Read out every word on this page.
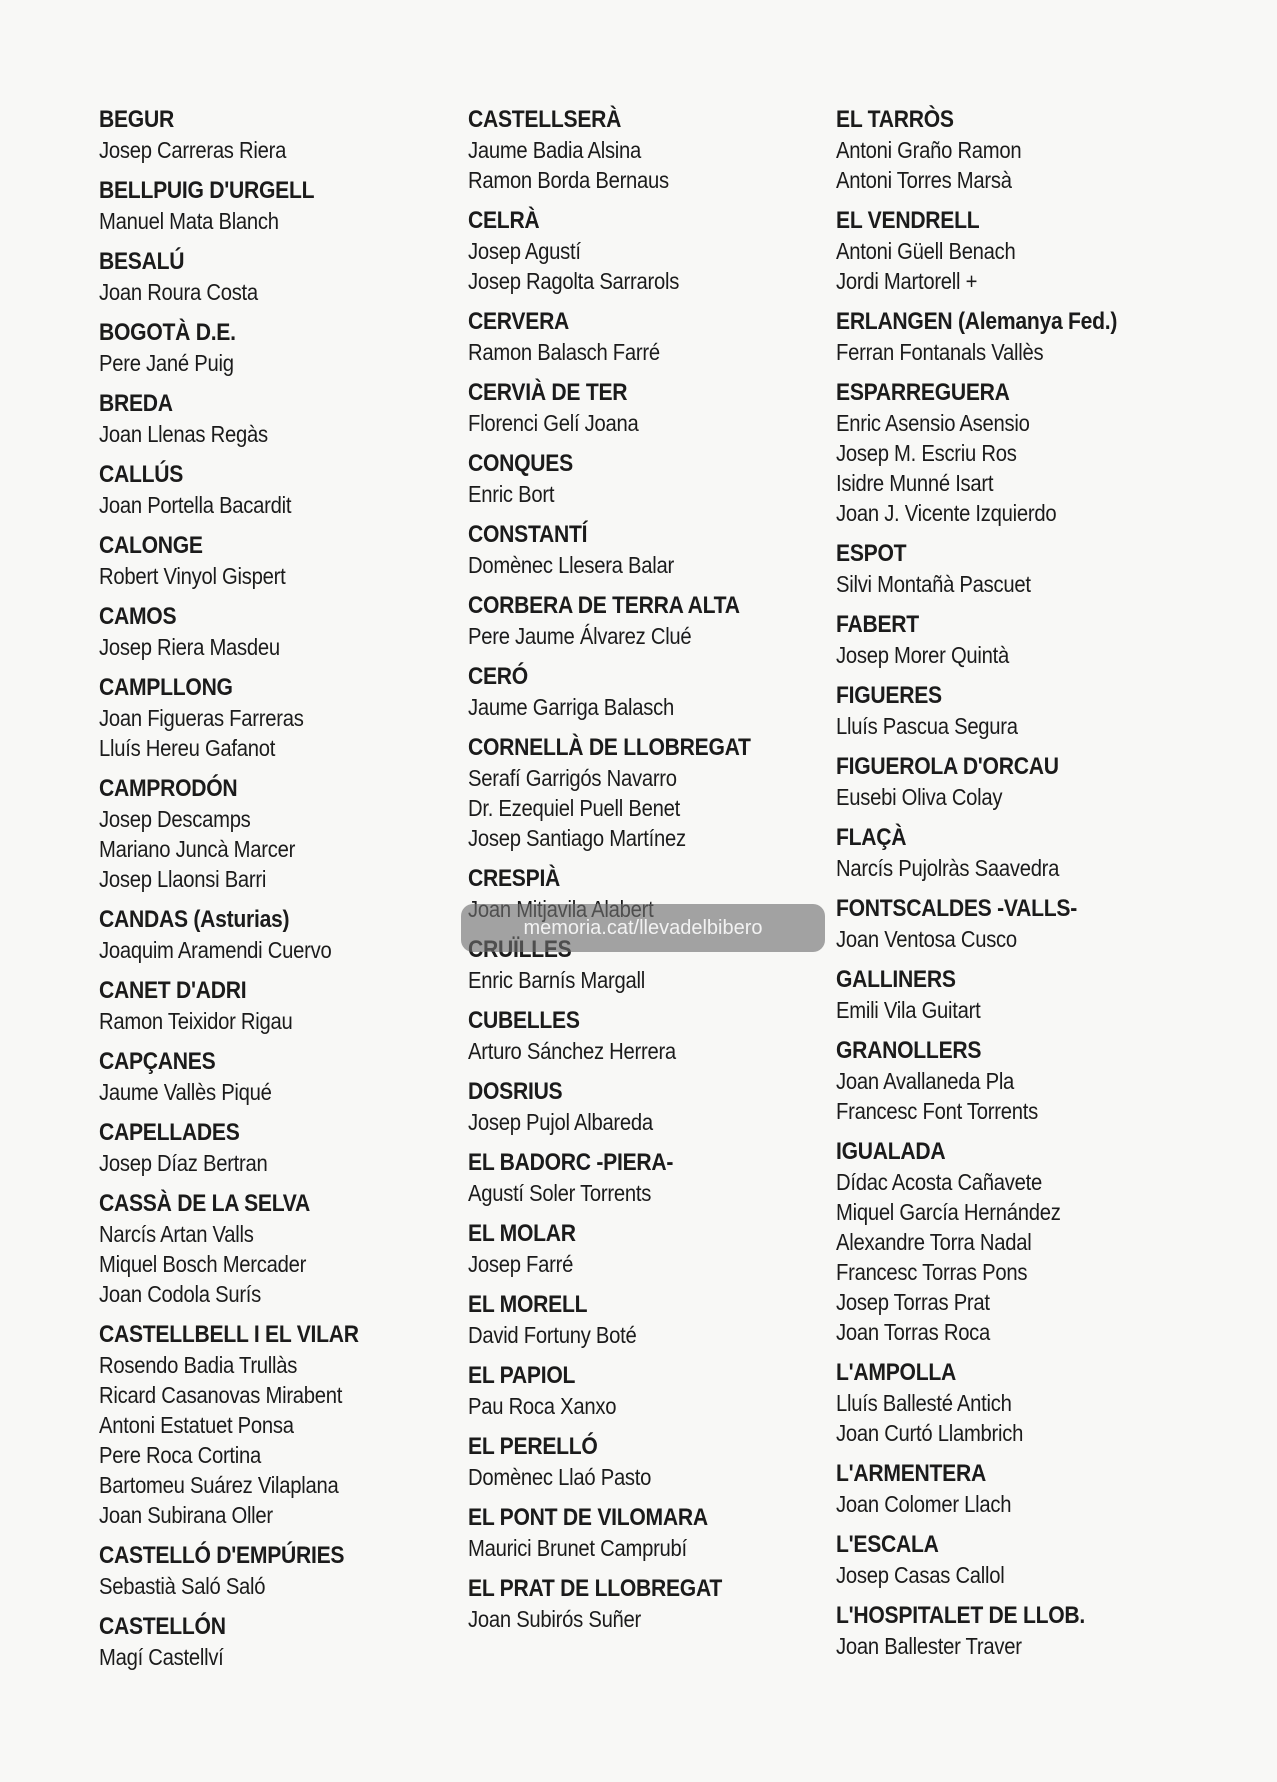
BEGUR
Josep Carreras Riera
BELLPUIG D'URGELL
Manuel Mata Blanch
BESALÚ
Joan Roura Costa
BOGOTÀ D.E.
Pere Jané Puig
BREDA
Joan Llenas Regàs
CALLÚS
Joan Portella Bacardit
CALONGE
Robert Vinyol Gispert
CAMOS
Josep Riera Masdeu
CAMPLLONG
Joan Figueras Farreras
Lluís Hereu Gafanot
CAMPRODÓN
Josep Descamps
Mariano Juncà Marcer
Josep Llaonsi Barri
CANDAS (Asturias)
Joaquim Aramendi Cuervo
CANET D'ADRI
Ramon Teixidor Rigau
CAPÇANES
Jaume Vallès Piqué
CAPELLADES
Josep Díaz Bertran
CASSÀ DE LA SELVA
Narcís Artan Valls
Miquel Bosch Mercader
Joan Codola Surís
CASTELLBELL I EL VILAR
Rosendo Badia Trullàs
Ricard Casanovas Mirabent
Antoni Estatuet Ponsa
Pere Roca Cortina
Bartomeu Suárez Vilaplana
Joan Subirana Oller
CASTELLÓ D'EMPÚRIES
Sebastià Saló Saló
CASTELLÓN
Magí Castellví
CASTELLSERÀ
Jaume Badia Alsina
Ramon Borda Bernaus
CELRÀ
Josep Agustí
Josep Ragolta Sarrarols
CERVERA
Ramon Balasch Farré
CERVIÀ DE TER
Florenci Gelí Joana
CONQUES
Enric Bort
CONSTANTÍ
Domènec Llesera Balar
CORBERA DE TERRA ALTA
Pere Jaume Álvarez Clué
CERÓ
Jaume Garriga Balasch
CORNELLÀ DE LLOBREGAT
Serafí Garrigós Navarro
Dr. Ezequiel Puell Benet
Josep Santiago Martínez
CRESPIÀ
Enric Barnís Margall
CUBELLES
Arturo Sánchez Herrera
DOSRIUS
Josep Pujol Albareda
EL BADORC -PIERA-
Agustí Soler Torrents
EL MOLAR
Josep Farré
EL MORELL
David Fortuny Boté
EL PAPIOL
Pau Roca Xanxo
EL PERELLÓ
Domènec Llaó Pasto
EL PONT DE VILOMARA
Maurici Brunet Camprubí
EL PRAT DE LLOBREGAT
Joan Subirós Suñer
EL TARRÒS
Antoni Graño Ramon
Antoni Torres Marsà
EL VENDRELL
Antoni Güell Benach
Jordi Martorell +
ERLANGEN (Alemanya Fed.)
Ferran Fontanals Vallès
ESPARREGUERA
Enric Asensio Asensio
Josep M. Escriu Ros
Isidre Munné Isart
Joan J. Vicente Izquierdo
ESPOT
Silvi Montañà Pascuet
FABERT
Josep Morer Quintà
FIGUERES
Lluís Pascua Segura
FIGUEROLA D'ORCAU
Eusebi Oliva Colay
FLAÇÀ
Narcís Pujolràs Saavedra
FONTSCALDES -VALLS-
Joan Ventosa Cusco
GALLINERS
Emili Vila Guitart
GRANOLLERS
Joan Avallaneda Pla
Francesc Font Torrents
IGUALADA
Dídac Acosta Cañavete
Miquel García Hernández
Alexandre Torra Nadal
Francesc Torras Pons
Josep Torras Prat
Joan Torras Roca
L'AMPOLLA
Lluís Ballesté Antich
Joan Curtó Llambrich
L'ARMENTERA
Joan Colomer Llach
L'ESCALA
Josep Casas Callol
L'HOSPITALET DE LLOB.
Joan Ballester Traver
memoria.cat/llevadelbibero
